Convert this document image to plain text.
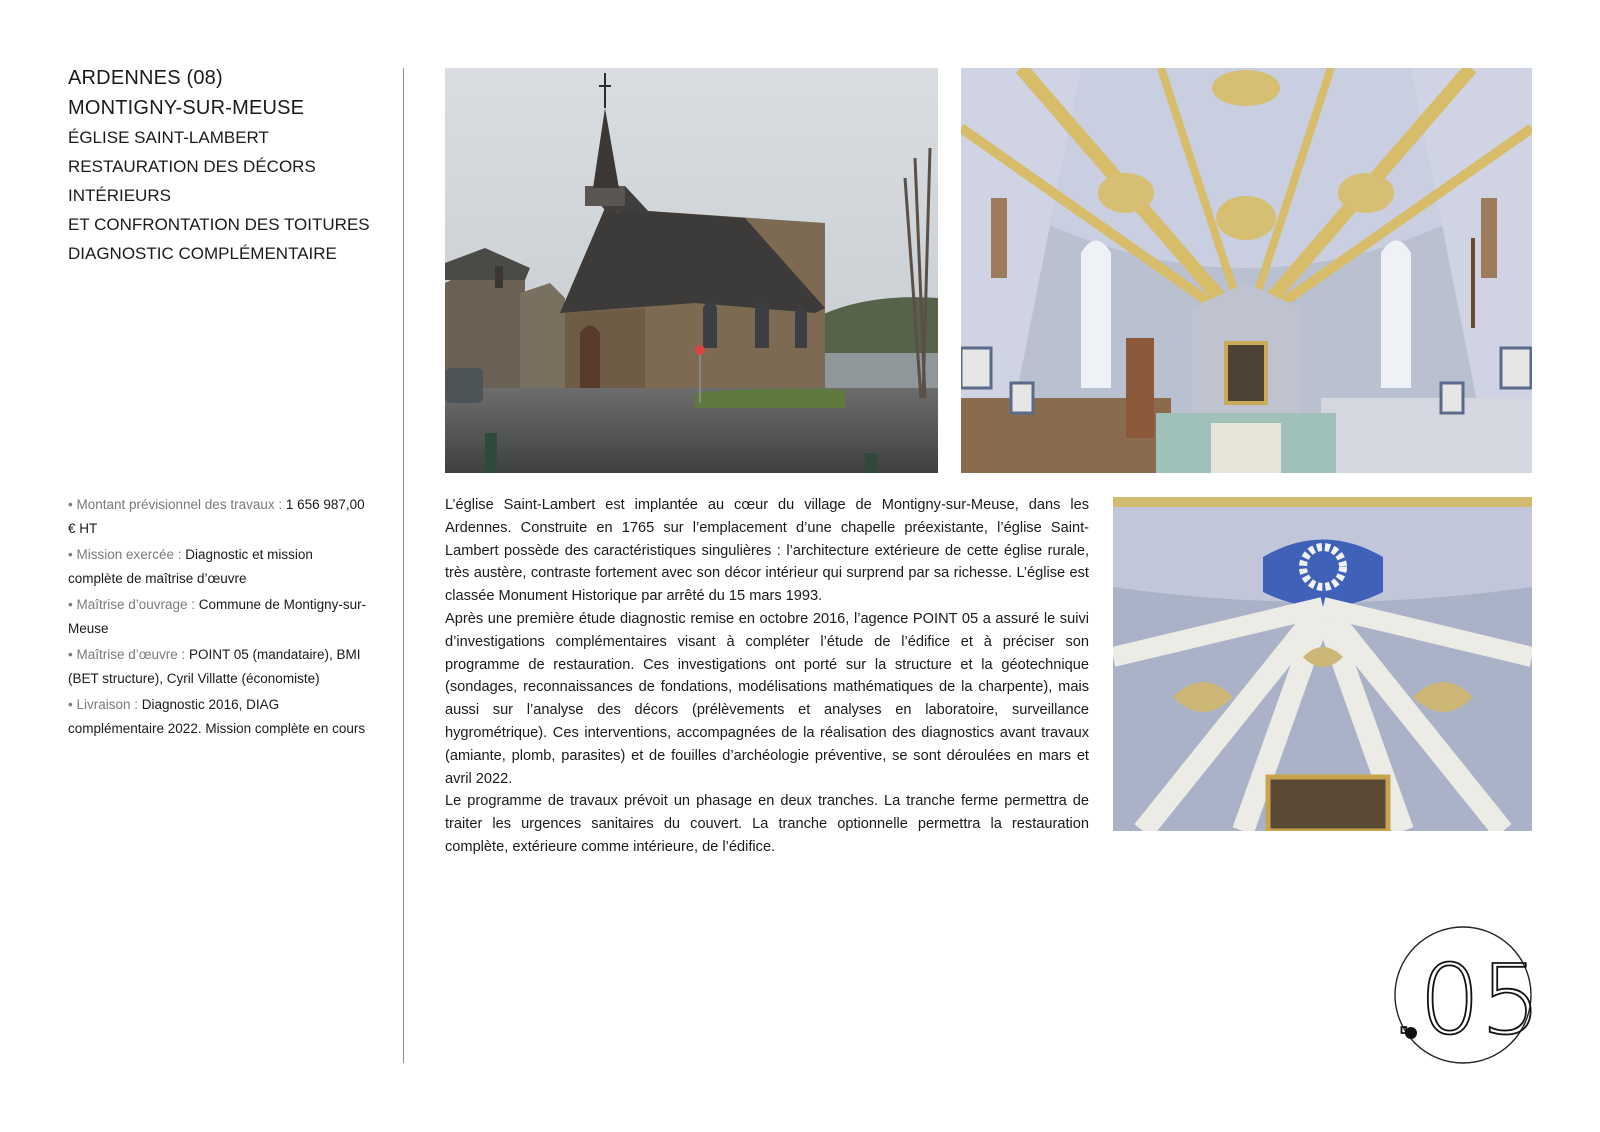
ARDENNES (08)
MONTIGNY-SUR-MEUSE
ÉGLISE SAINT-LAMBERT
RESTAURATION DES DÉCORS
INTÉRIEURS
ET CONFRONTATION DES TOITURES
DIAGNOSTIC COMPLÉMENTAIRE
• Montant prévisionnel des travaux : 1 656 987,00 € HT
• Mission exercée : Diagnostic et mission complète de maîtrise d’œuvre
• Maîtrise d’ouvrage : Commune de Montigny-sur-Meuse
• Maîtrise d’œuvre : POINT 05 (mandataire), BMI (BET structure), Cyril Villatte (économiste)
• Livraison : Diagnostic 2016, DIAG complémentaire 2022. Mission complète en cours

L’église Saint-Lambert est implantée au cœur du village de Montigny-sur-Meuse, dans les Ardennes. Construite en 1765 sur l’emplacement d’une chapelle préexistante, l’église Saint-Lambert possède des caractéristiques singulières : l’architecture extérieure de cette église rurale, très austère, contraste fortement avec son décor intérieur qui surprend par sa richesse. L’église est classée Monument Historique par arrêté du 15 mars 1993.

Après une première étude diagnostic remise en octobre 2016, l’agence POINT 05 a assuré le suivi d’investigations complémentaires visant à compléter l’étude de l’édifice et à préciser son programme de restauration. Ces investigations ont porté sur la structure et la géotechnique (sondages, reconnaissances de fondations, modélisations mathématiques de la charpente), mais aussi sur l’analyse des décors (prélèvements et analyses en laboratoire, surveillance hygrométrique). Ces interventions, accompagnées de la réalisation des diagnostics avant travaux (amiante, plomb, parasites) et de fouilles d’archéologie préventive, se sont déroulées en mars et avril 2022.

Le programme de travaux prévoit un phasage en deux tranches. La tranche ferme permettra de traiter les urgences sanitaires du couvert. La tranche optionnelle permettra la restauration complète, extérieure comme intérieure, de l’édifice.

.05
